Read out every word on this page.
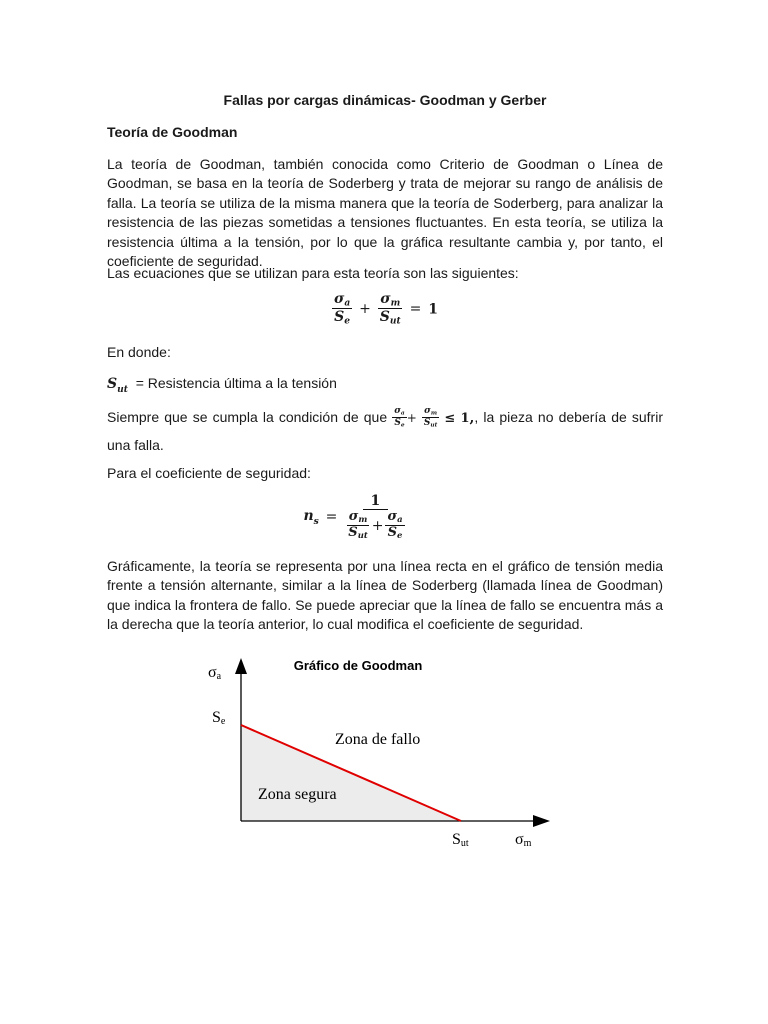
Fallas por cargas dinámicas- Goodman y Gerber
Teoría de Goodman
La teoría de Goodman, también conocida como Criterio de Goodman o Línea de Goodman, se basa en la teoría de Soderberg y trata de mejorar su rango de análisis de falla. La teoría se utiliza de la misma manera que la teoría de Soderberg, para analizar la resistencia de las piezas sometidas a tensiones fluctuantes. En esta teoría, se utiliza la resistencia última a la tensión, por lo que la gráfica resultante cambia y, por tanto, el coeficiente de seguridad.
Las ecuaciones que se utilizan para esta teoría son las siguientes:
$\frac{\sigma_a}{S_e} + \frac{\sigma_m}{S_{ut}} = 1$
En donde:
$S_{ut}$ = Resistencia última a la tensión
Siempre que se cumpla la condición de que $\frac{\sigma_a}{S_e} + \frac{\sigma_m}{S_{ut}} \le 1$,, la pieza no debería de sufrir una falla.
Para el coeficiente de seguridad:
$n_s$ =
1
$\frac{\sigma_m}{S_{ut}} + \frac{\sigma_a}{S_e}$
Gráficamente, la teoría se representa por una línea recta en el gráfico de tensión media frente a tensión alternante, similar a la línea de Soderberg (llamada línea de Goodman) que indica la frontera de fallo. Se puede apreciar que la línea de fallo se encuentra más a la derecha que la teoría anterior, lo cual modifica el coeficiente de seguridad.
Gráfico de Goodman
σa
Se
Sut	σm
Zona de fallo
Zona segura
